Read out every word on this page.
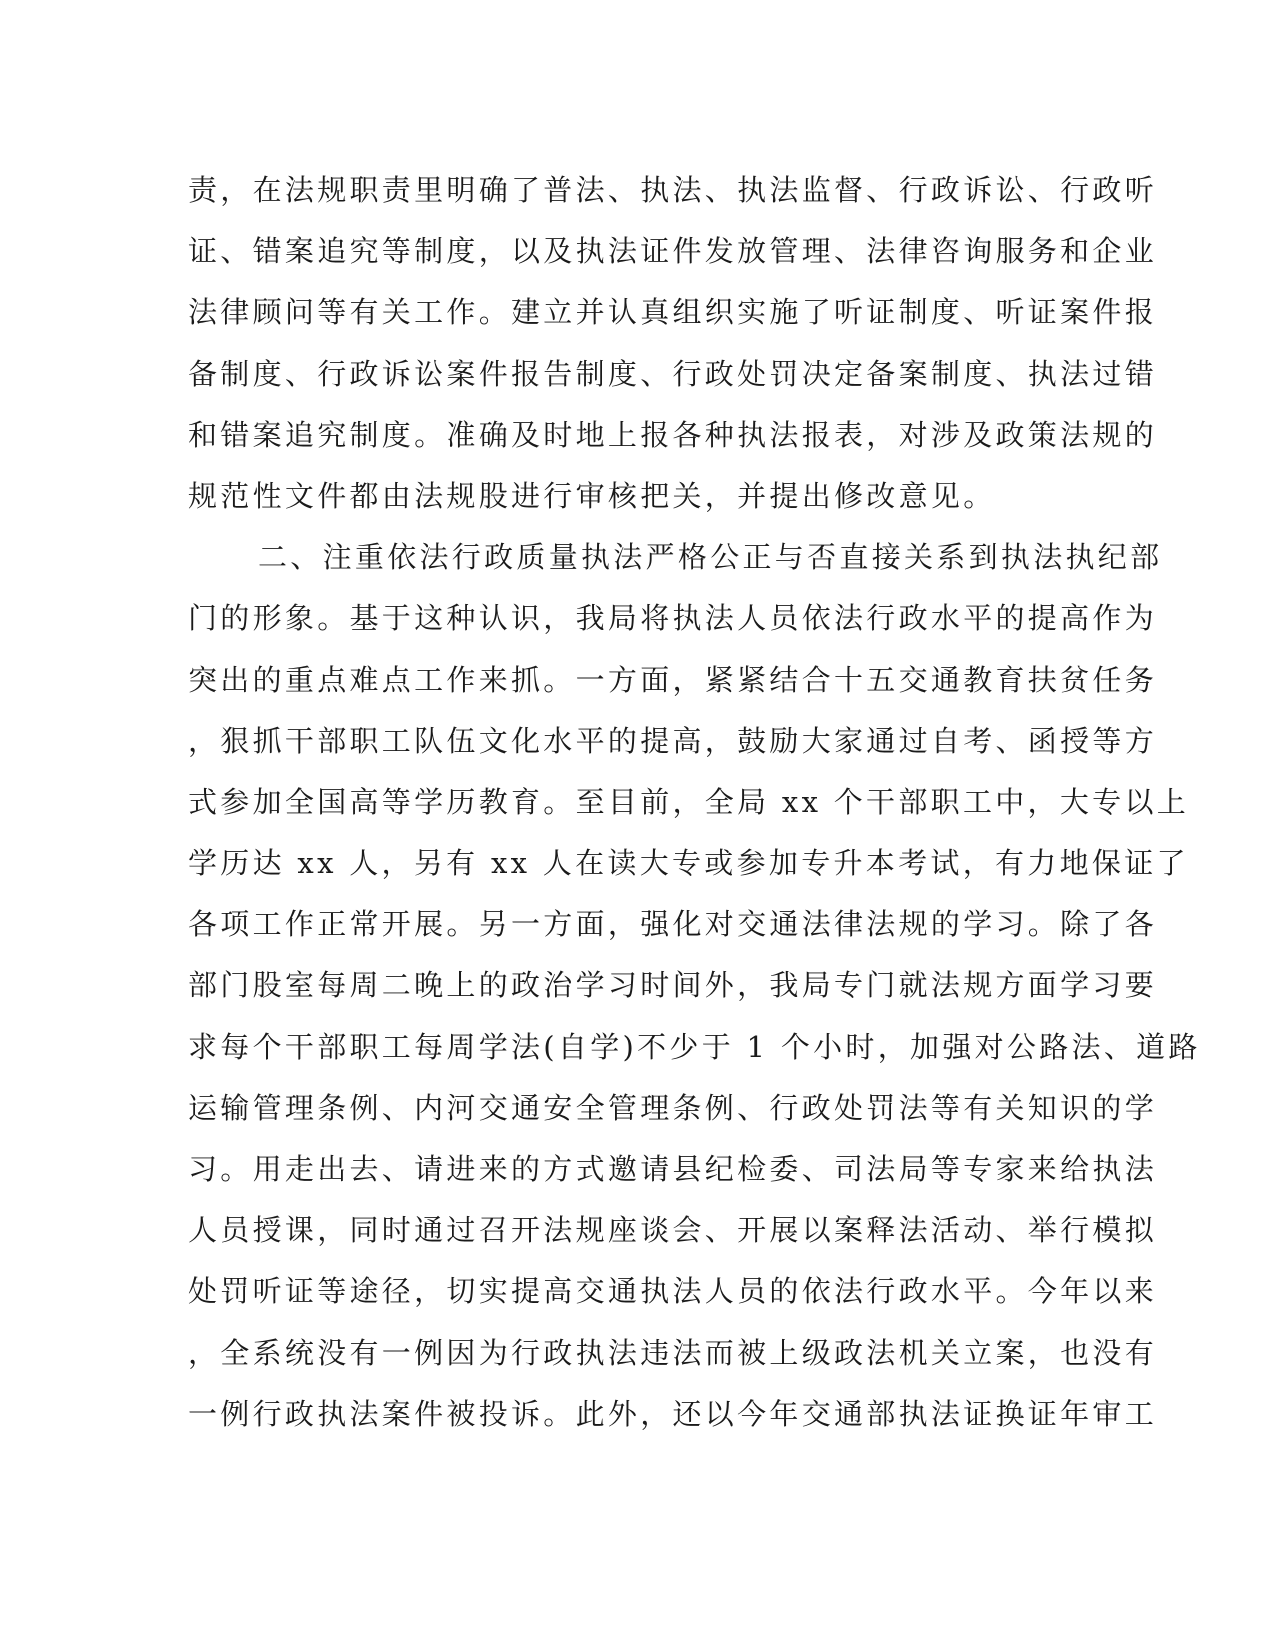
责，在法规职责里明确了普法、执法、执法监督、行政诉讼、行政听
证、错案追究等制度，以及执法证件发放管理、法律咨询服务和企业
法律顾问等有关工作。建立并认真组织实施了听证制度、听证案件报
备制度、行政诉讼案件报告制度、行政处罚决定备案制度、执法过错
和错案追究制度。准确及时地上报各种执法报表，对涉及政策法规的
规范性文件都由法规股进行审核把关，并提出修改意见。
二、注重依法行政质量执法严格公正与否直接关系到执法执纪部
门的形象。基于这种认识，我局将执法人员依法行政水平的提高作为
突出的重点难点工作来抓。一方面，紧紧结合十五交通教育扶贫任务
，狠抓干部职工队伍文化水平的提高，鼓励大家通过自考、函授等方
式参加全国高等学历教育。至目前，全局 xx 个干部职工中，大专以上
学历达 xx 人，另有 xx 人在读大专或参加专升本考试，有力地保证了
各项工作正常开展。另一方面，强化对交通法律法规的学习。除了各
部门股室每周二晚上的政治学习时间外，我局专门就法规方面学习要
求每个干部职工每周学法(自学)不少于 1 个小时，加强对公路法、道路
运输管理条例、内河交通安全管理条例、行政处罚法等有关知识的学
习。用走出去、请进来的方式邀请县纪检委、司法局等专家来给执法
人员授课，同时通过召开法规座谈会、开展以案释法活动、举行模拟
处罚听证等途径，切实提高交通执法人员的依法行政水平。今年以来
，全系统没有一例因为行政执法违法而被上级政法机关立案，也没有
一例行政执法案件被投诉。此外，还以今年交通部执法证换证年审工
